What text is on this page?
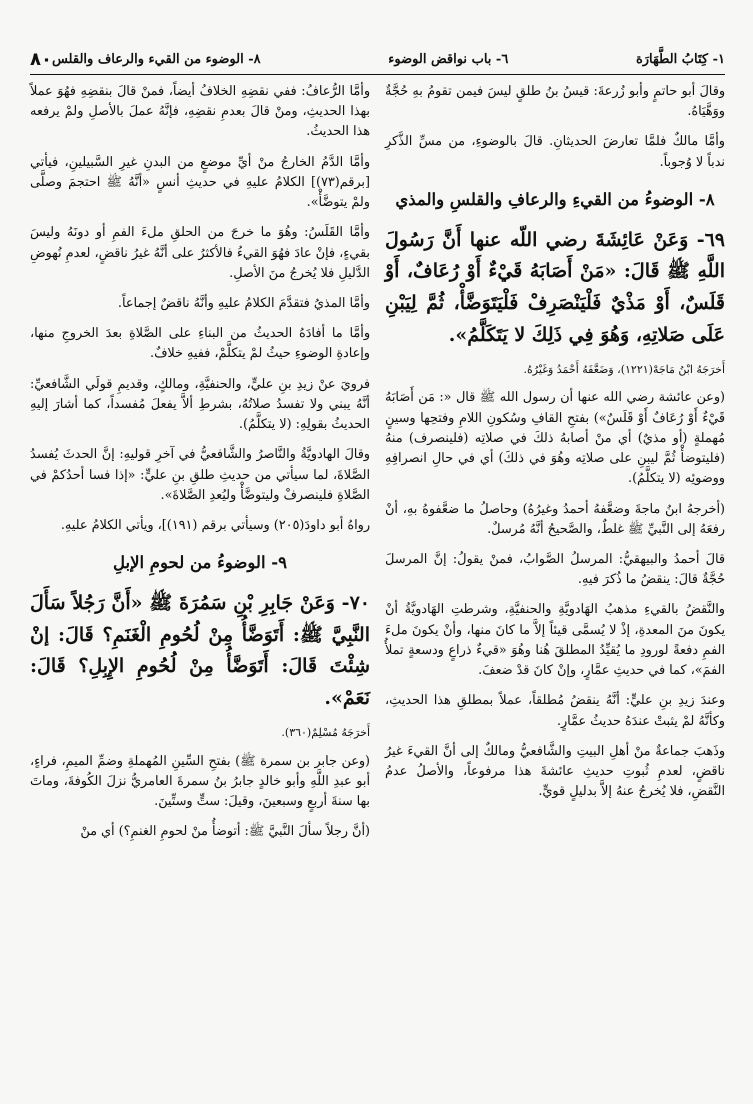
١- كِتَابُ الطَّهَارَة
٦- باب نواقض الوضوء
٨- الوضوء من القيء والرعاف والقلس
٨٠

وقالَ أبو حاتمٍ وأبو زُرعةَ: قيسُ بنُ طلقٍ ليسَ فيمن تقومُ بهِ حُجَّةٌ ووَهَّيَاهُ.

وأمَّا مالكٌ فلمَّا تعارضَ الحديثانِ. قالَ بالوضوءِ، من مسِّ الذَّكرِ ندباً لا وُجوباً.

٨- الوضوءُ من القيءِ والرعافِ والقلسِ والمذي

٦٩- وَعَنْ عَائِشَةَ رضي اللّه عنها أَنَّ رَسُولَ اللَّهِ ﷺ قَالَ: «مَنْ أَصَابَهُ قَيْءٌ أَوْ رُعَافٌ، أَوْ قَلَسٌ، أَوْ مَذْيٌ فَلْيَنْصَرِفْ فَلْيَتَوَضَّأْ، ثُمَّ لِيَبْنِ عَلَى صَلاتِهِ، وَهُوَ فِي ذَلِكَ لا يَتَكَلَّمُ».

أَخرَجَهُ ابْنُ مَاجَهْ(١٢٢١)، وَضَعَّفَهُ أَحْمَدُ وَغَيْرُهُ.

(وعن عائشة رضي الله عنها أن رسول الله ﷺ قال «: مَن أَصَابَهُ قَيْءٌ أَوْ رُعَافٌ أَوْ قَلَسٌ») بفتحِ القافِ وسُكونِ اللامِ وفتحِها وسينٍ مُهملةٍ (أو مذيٌ) أي منْ أصابهُ ذلكَ في صلاتِه (فلينصرف) منهُ (فليتوضأْ ثُمَّ ليبنِ على صلاتِه وهُوَ في ذلكَ) أي في حالِ انصرافِهِ ووضوئِه (لا يتكلَّمُ).

(أخرجهُ ابنُ ماجةَ وضعَّفهُ أحمدُ وغيرُهُ) وحاصلُ ما ضعَّفوهُ بهِ، أنْ رفعَهُ إلى النَّبيِّ ﷺ غلطٌ، والصَّحيحُ أنَّهُ مُرسلٌ.

قالَ أحمدُ والبيهقيُّ: المرسلُ الصَّوابُ، فمنْ يقولُ: إنَّ المرسلَ حُجَّةٌ قالَ: ينقضُ ما ذُكرَ فيهِ.

والنَّقضُ بالقيءِ مذهبُ الهَادويَّةِ والحنفيَّةِ، وشرطتِ الهَادويَّةُ أنْ يكونَ منَ المعدةِ، إذْ لا يُسمَّى قيئاً إلاَّ ما كانَ منها، وأنْ يكونَ ملءَ الفمِ دفعةً لورودِ ما يُقيِّدُ المطلقَ هُنا وهُوَ «قيءٌ ذراعٍ ودسعةٍ تملأُ الفمَ»، كما في حديثِ عمَّارٍ، وإنْ كانَ قدْ ضعفَ.

وعندَ زيدِ بنِ عليٍّ: أنَّهُ ينقضُ مُطلقاً، عملاً بمطلقِ هذا الحديثِ، وكأنَّهُ لمْ يثبتْ عندَهُ حديثُ عمَّارٍ.

وذَهبَ جماعةٌ منْ أهلِ البيتِ والشَّافعيُّ ومالكٌ إلى أنَّ القيءَ غيرُ ناقضٍ، لعدمِ ثُبوتِ حديثِ عائشةَ هذا مرفوعاً، والأصلُ عدمُ النَّقضِ، فلا يُخرجُ عنهُ إلاَّ بدليلٍ قويٍّ.

وأمَّا الرُّعافُ: ففي نقضِهِ الخلافُ أيضاً، فمنْ قالَ بنقضِهِ فهُوَ عملاً بهذا الحديثِ، ومنْ قالَ بعدمِ نقضِهِ، فإنَّهُ عملَ بالأصلِ ولمْ يرفعه هذا الحديثُ.

وأمَّا الدَّمُ الخارجُ منْ أيِّ موضعٍ من البدنِ غيرِ السَّبيلينِ، فيأتي [برقم(٧٣)] الكلامُ عليهِ في حديثِ أنسٍ «أنَّهُ ﷺ احتجمَ وصلَّى ولمْ يتوضَّأْ».

وأمَّا القَلَسُ: وهُوَ ما خرجَ من الحلقِ ملءَ الفمِ أو دونَهُ وليسَ بقيءٍ، فإنْ عادَ فهُوَ القيءُ فالأكثرُ على أنَّهُ غيرُ ناقضٍ، لعدمِ نُهوضِ الدَّليلِ فلا يُخرجُ منَ الأصلِ.

وأمَّا المذيُ فتقدَّمَ الكلامُ عليهِ وأنَّهُ ناقضٌ إجماعاً.

وأمَّا ما أفادَهُ الحديثُ من البناءِ على الصَّلاةِ بعدَ الخروجِ منها، وإعادةِ الوضوءِ حيثُ لمْ يتكلَّمْ، ففيهِ خلافٌ.

فرويَ عنْ زيدِ بنِ عليٍّ، والحنفيَّةِ، ومالكٍ، وقديمِ قولَي الشَّافعيِّ: أنَّهُ يبني ولا تفسدُ صلاتُهُ، بشرطِ ألاَّ يفعلَ مُفسداً، كما أشارَ إليهِ الحديثُ بقولِهِ: (لا يتكلَّمُ).

وقالَ الهادويَّةُ والنَّاصرُ والشَّافعيُّ في آخرِ قوليهِ: إنَّ الحدثَ يُفسدُ الصَّلاةَ، لما سيأتي من حديثِ طلقِ بنِ عليٍّ: «إذا فسا أحدُكمْ في الصَّلاةِ فلينصرفْ وليتوضَّأْ وليُعدِ الصَّلاةَ».

رواهُ أبو داودَ(٢٠٥) وسيأتي برقم (١٩١)]، ويأتي الكلامُ عليهِ.

٩- الوضوءُ من لحومِ الإبلِ

٧٠- وَعَنْ جَابِرِ بْنِ سَمُرَةَ ﷺ «أَنَّ رَجُلاً سَأَلَ النَّبِيَّ ﷺ: أَتَوَضَّأُ مِنْ لُحُومِ الْغَنَمِ؟ قَالَ: إنْ شِئْتَ قَالَ: أَتَوَضَّأُ مِنْ لُحُومِ الإِبِلِ؟ قَالَ: نَعَمْ».

أَخرَجَهُ مُسْلِمٌ(٣٦٠).

(وعن جابر بن سمرة ﷺ) بفتحِ السِّينِ المُهملةِ وضمِّ الميمِ، فراءٍ، أبو عبدِ اللَّهِ وأبو خالدٍ جابرُ بنُ سمرةَ العامريُّ نزلَ الكُوفةَ، وماتَ بها سنةَ أربعٍ وسبعينَ، وقيلَ: ستٍّ وستِّينَ.

(أنَّ رجلاً سألَ النَّبيَّ ﷺ: أتوضأُ منْ لحومِ الغنمِ؟) أي منْ
